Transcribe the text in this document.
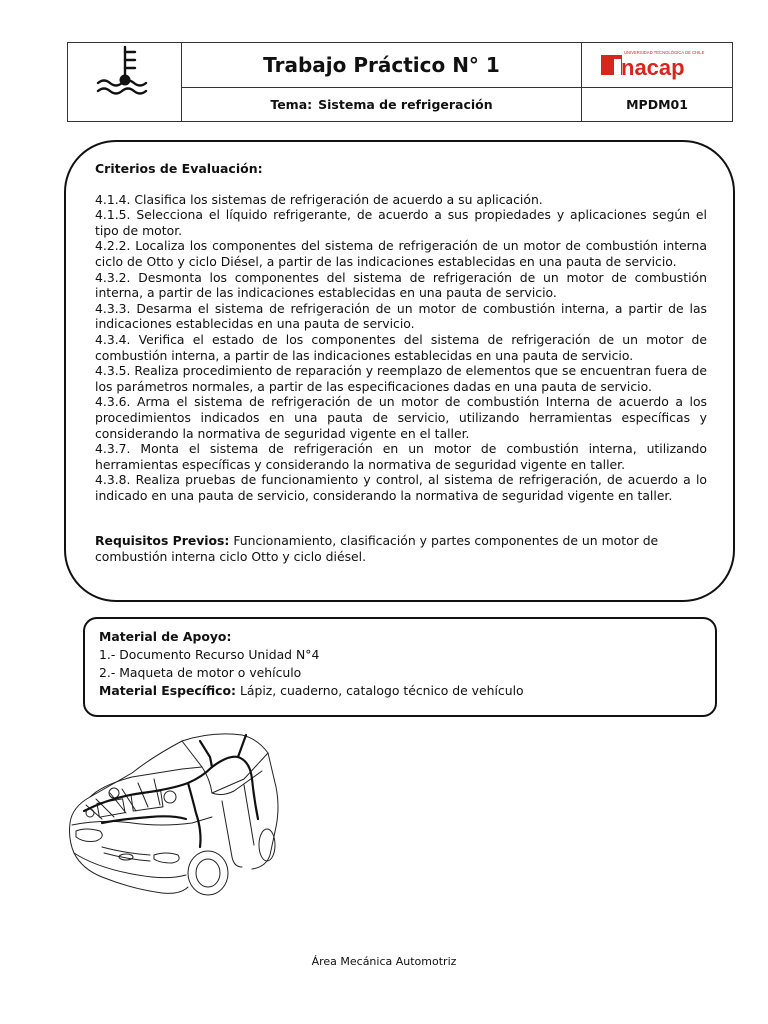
Trabajo Práctico N° 1
UNIVERSIDAD TECNOLÓGICA DE CHILE
nacap
Tema: Sistema de refrigeración	MPDM01
Criterios de Evaluación:
4.1.4. Clasifica los sistemas de refrigeración de acuerdo a su aplicación.
4.1.5. Selecciona el líquido refrigerante, de acuerdo a sus propiedades y aplicaciones según el tipo de motor.
4.2.2. Localiza los componentes del sistema de refrigeración de un motor de combustión interna ciclo de Otto y ciclo Diésel, a partir de las indicaciones establecidas en una pauta de servicio.
4.3.2. Desmonta los componentes del sistema de refrigeración de un motor de combustión interna, a partir de las indicaciones establecidas en una pauta de servicio.
4.3.3. Desarma el sistema de refrigeración de un motor de combustión interna, a partir de las indicaciones establecidas en una pauta de servicio.
4.3.4. Verifica el estado de los componentes del sistema de refrigeración de un motor de combustión interna, a partir de las indicaciones establecidas en una pauta de servicio.
4.3.5. Realiza procedimiento de reparación y reemplazo de elementos que se encuentran fuera de los parámetros normales, a partir de las especificaciones dadas en una pauta de servicio.
4.3.6. Arma el sistema de refrigeración de un motor de combustión Interna de acuerdo a los procedimientos indicados en una pauta de servicio, utilizando herramientas específicas y considerando la normativa de seguridad vigente en el taller.
4.3.7. Monta el sistema de refrigeración en un motor de combustión interna, utilizando herramientas específicas y considerando la normativa de seguridad vigente en taller.
4.3.8. Realiza pruebas de funcionamiento y control, al sistema de refrigeración, de acuerdo a lo indicado en una pauta de servicio, considerando la normativa de seguridad vigente en taller.
Requisitos Previos: Funcionamiento, clasificación y partes componentes de un motor de combustión interna ciclo Otto y ciclo diésel.
Material de Apoyo:
1.- Documento Recurso Unidad N°4
2.- Maqueta de motor o vehículo
Material Específico: Lápiz, cuaderno, catalogo técnico de vehículo
Área Mecánica Automotriz
